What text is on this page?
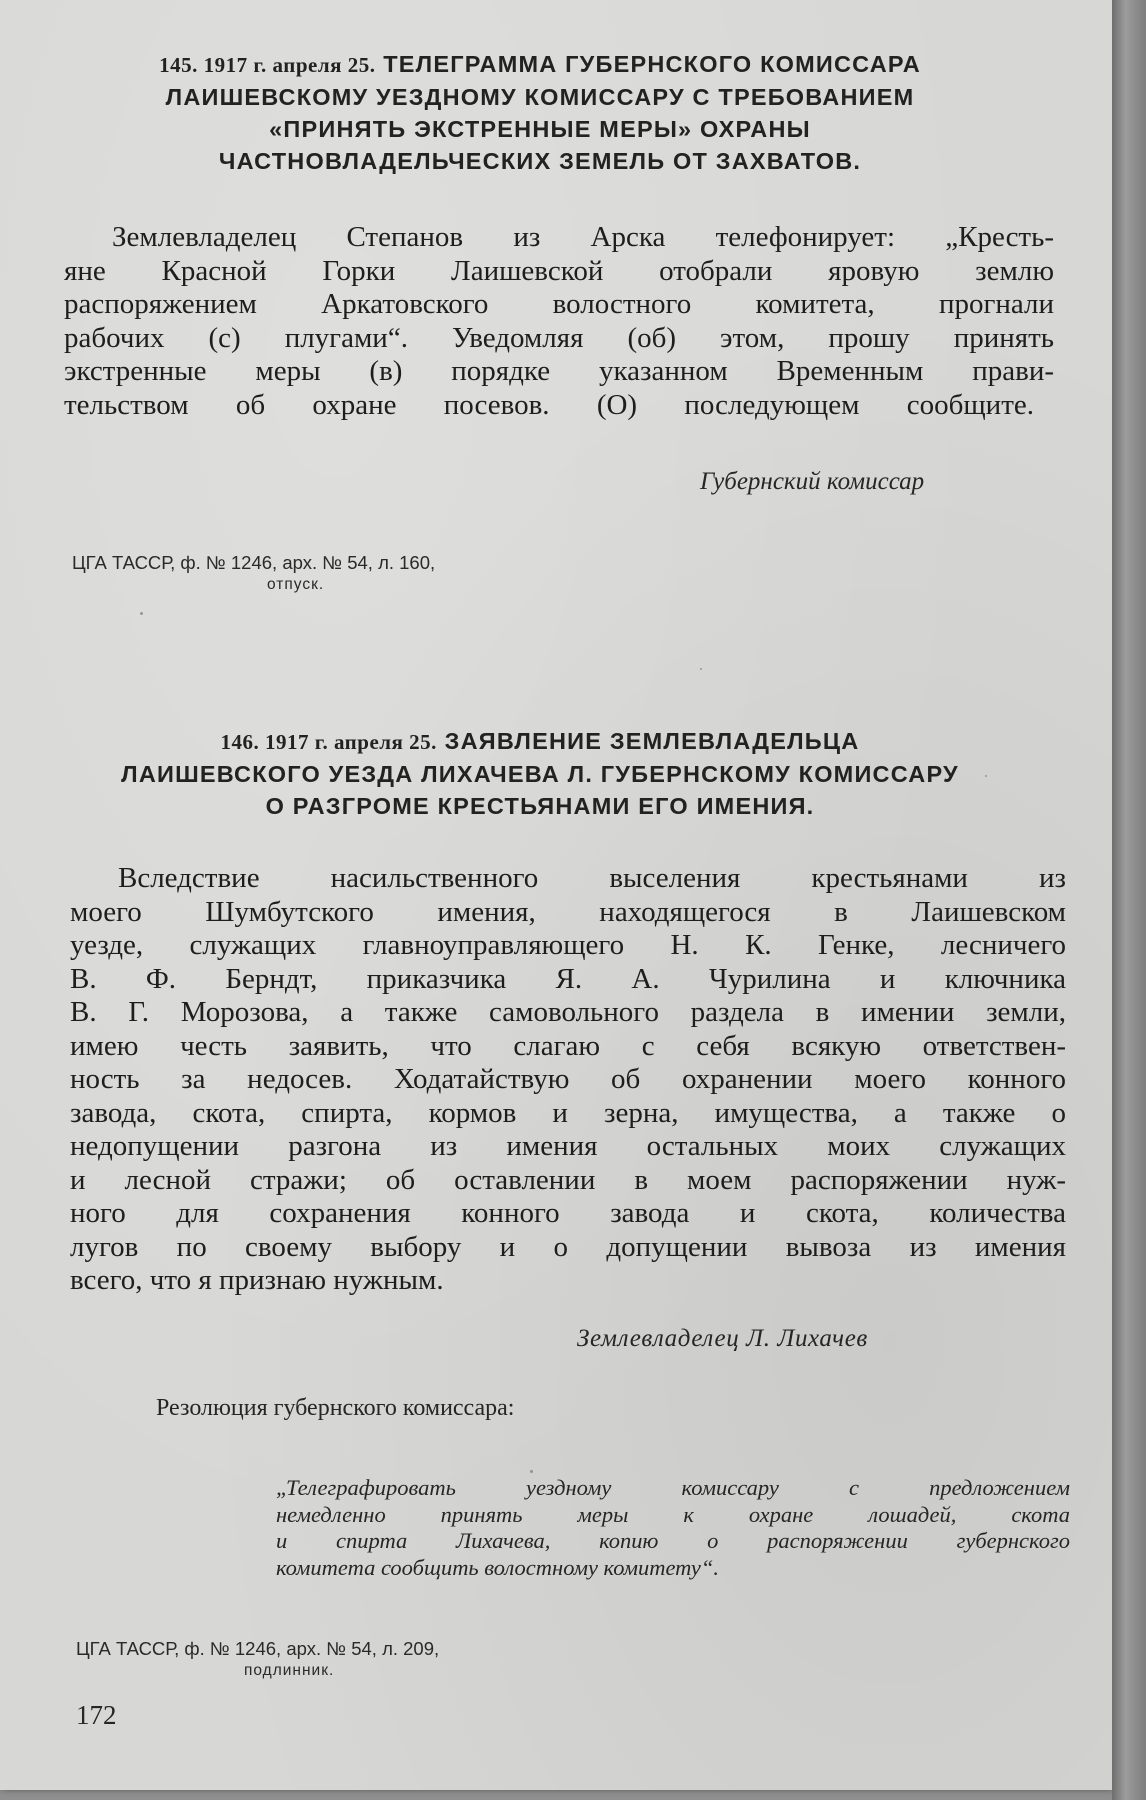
145. 1917 г. апреля 25. ТЕЛЕГРАММА ГУБЕРНСКОГО КОМИССАРА
ЛАИШЕВСКОМУ УЕЗДНОМУ КОМИССАРУ С ТРЕБОВАНИЕМ
«ПРИНЯТЬ ЭКСТРЕННЫЕ МЕРЫ» ОХРАНЫ
ЧАСТНОВЛАДЕЛЬЧЕСКИХ ЗЕМЕЛЬ ОТ ЗАХВАТОВ.
Землевладелец Степанов из Арска телефонирует: „Кресть-
яне Красной Горки Лаишевской отобрали яровую землю
распоряжением Аркатовского волостного комитета, прогнали
рабочих (с) плугами“. Уведомляя (об) этом, прошу принять
экстренные меры (в) порядке указанном Временным прави-
тельством об охране посевов. (О) последующем сообщите.
Губернский комиссар
ЦГА ТАССР, ф. № 1246, арх. № 54, л. 160,
отпуск.
146. 1917 г. апреля 25. ЗАЯВЛЕНИЕ ЗЕМЛЕВЛАДЕЛЬЦА
ЛАИШЕВСКОГО УЕЗДА ЛИХАЧЕВА Л. ГУБЕРНСКОМУ КОМИССАРУ
О РАЗГРОМЕ КРЕСТЬЯНАМИ ЕГО ИМЕНИЯ.
Вследствие насильственного выселения крестьянами из
моего Шумбутского имения, находящегося в Лаишевском
уезде, служащих главноуправляющего Н. К. Генке, лесничего
В. Ф. Берндт, приказчика Я. А. Чурилина и ключника
В. Г. Морозова, а также самовольного раздела в имении земли,
имею честь заявить, что слагаю с себя всякую ответствен-
ность за недосев. Ходатайствую об охранении моего конного
завода, скота, спирта, кормов и зерна, имущества, а также о
недопущении разгона из имения остальных моих служащих
и лесной стражи; об оставлении в моем распоряжении нуж-
ного для сохранения конного завода и скота, количества
лугов по своему выбору и о допущении вывоза из имения
всего, что я признаю нужным.
Землевладелец Л. Лихачев
Резолюция губернского комиссара:
„Телеграфировать уездному комиссару с предложением
немедленно принять меры к охране лошадей, скота
и спирта Лихачева, копию о распоряжении губернского
комитета сообщить волостному комитету“.
ЦГА ТАССР, ф. № 1246, арх. № 54, л. 209,
подлинник.
172
